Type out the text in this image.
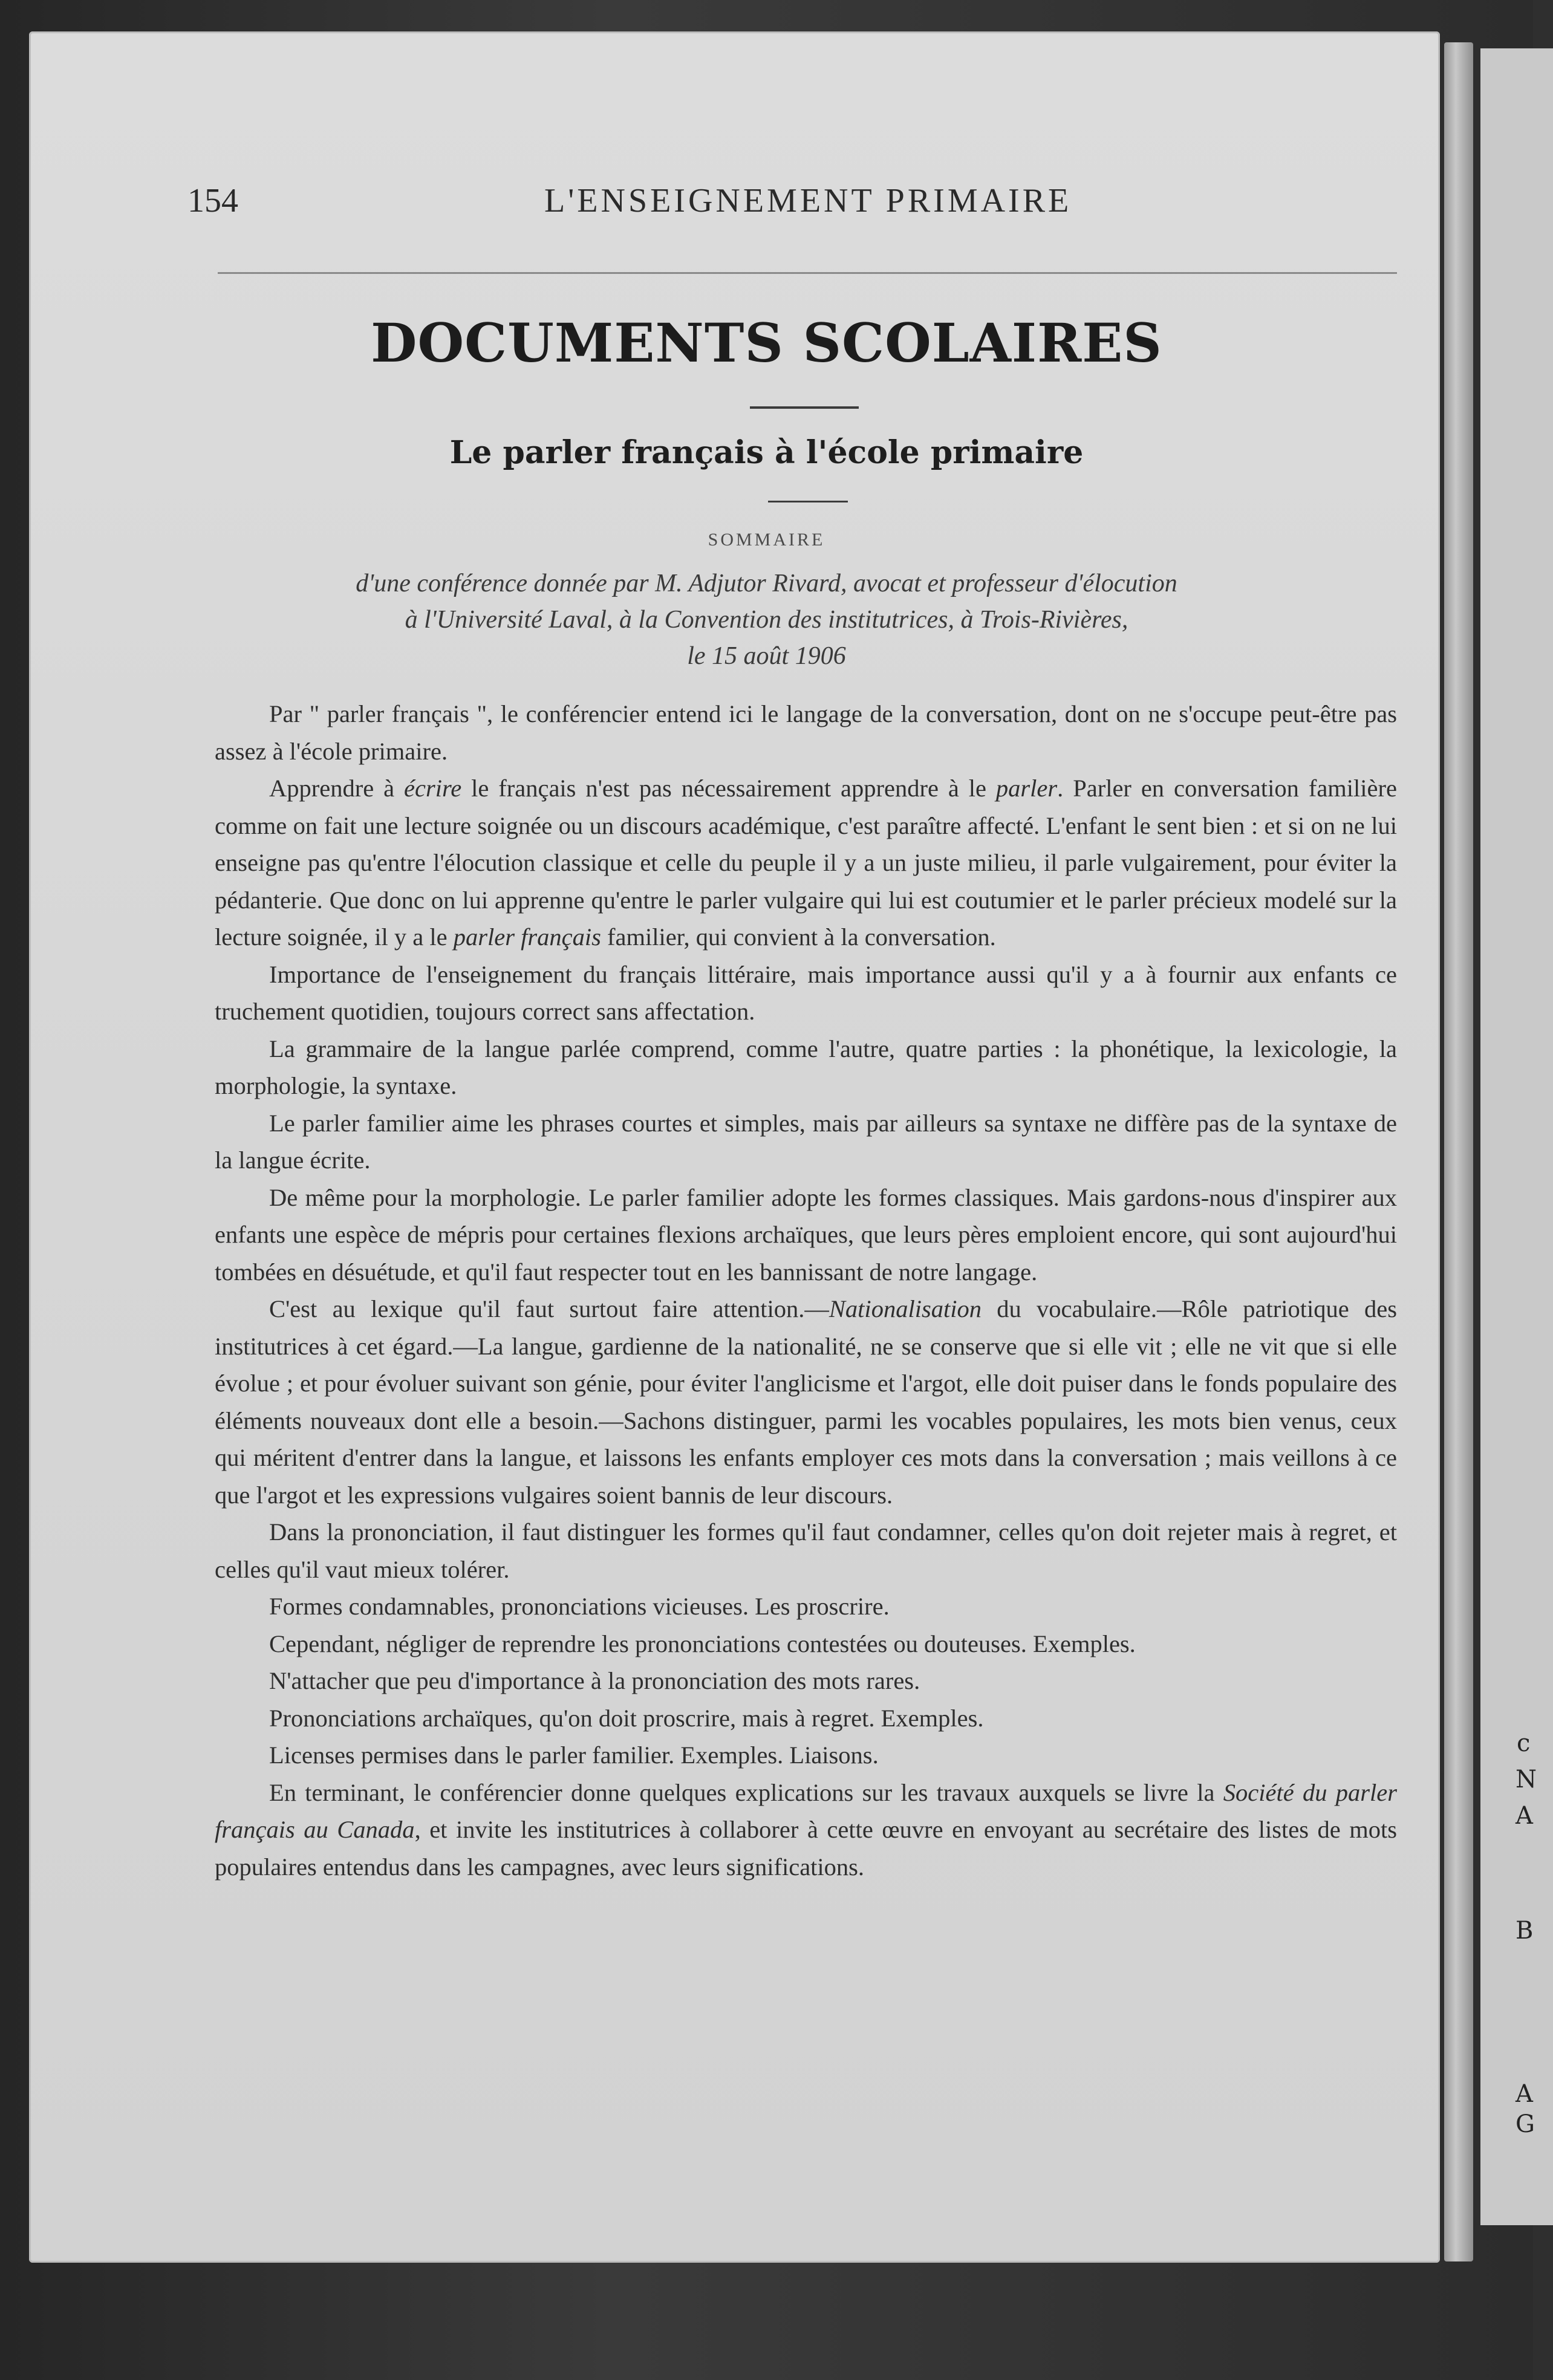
c
N
A
B
A
G
154	L'ENSEIGNEMENT PRIMAIRE
DOCUMENTS SCOLAIRES
Le parler français à l'école primaire
SOMMAIRE
d'une conférence donnée par M. Adjutor Rivard, avocat et professeur d'élocution
à l'Université Laval, à la Convention des institutrices, à Trois-Rivières,
le 15 août 1906

Par " parler français ", le conférencier entend ici le langage de la conversation, dont on ne s'occupe peut-être pas assez à l'école primaire.

Apprendre à écrire le français n'est pas nécessairement apprendre à le parler. Parler en conversation familière comme on fait une lecture soignée ou un discours académique, c'est paraître affecté. L'enfant le sent bien : et si on ne lui enseigne pas qu'entre l'élocution classique et celle du peuple il y a un juste milieu, il parle vulgairement, pour éviter la pédanterie. Que donc on lui apprenne qu'entre le parler vulgaire qui lui est coutumier et le parler précieux modelé sur la lecture soignée, il y a le parler français familier, qui convient à la conversation.

Importance de l'enseignement du français littéraire, mais importance aussi qu'il y a à fournir aux enfants ce truchement quotidien, toujours correct sans affectation.

La grammaire de la langue parlée comprend, comme l'autre, quatre parties : la phonétique, la lexicologie, la morphologie, la syntaxe.

Le parler familier aime les phrases courtes et simples, mais par ailleurs sa syntaxe ne diffère pas de la syntaxe de la langue écrite.

De même pour la morphologie. Le parler familier adopte les formes classiques. Mais gardons-nous d'inspirer aux enfants une espèce de mépris pour certaines flexions archaïques, que leurs pères emploient encore, qui sont aujourd'hui tombées en désuétude, et qu'il faut respecter tout en les bannissant de notre langage.

C'est au lexique qu'il faut surtout faire attention.—Nationalisation du vocabulaire.—Rôle patriotique des institutrices à cet égard.—La langue, gardienne de la nationalité, ne se conserve que si elle vit ; elle ne vit que si elle évolue ; et pour évoluer suivant son génie, pour éviter l'anglicisme et l'argot, elle doit puiser dans le fonds populaire des éléments nouveaux dont elle a besoin.—Sachons distinguer, parmi les vocables populaires, les mots bien venus, ceux qui méritent d'entrer dans la langue, et laissons les enfants employer ces mots dans la conversation ; mais veillons à ce que l'argot et les expressions vulgaires soient bannis de leur discours.

Dans la prononciation, il faut distinguer les formes qu'il faut condamner, celles qu'on doit rejeter mais à regret, et celles qu'il vaut mieux tolérer.

Formes condamnables, prononciations vicieuses. Les proscrire.

Cependant, négliger de reprendre les prononciations contestées ou douteuses. Exemples.

N'attacher que peu d'importance à la prononciation des mots rares.

Prononciations archaïques, qu'on doit proscrire, mais à regret. Exemples.

Licenses permises dans le parler familier. Exemples. Liaisons.

En terminant, le conférencier donne quelques explications sur les travaux auxquels se livre la Société du parler français au Canada, et invite les institutrices à collaborer à cette œuvre en envoyant au secrétaire des listes de mots populaires entendus dans les campagnes, avec leurs significations.
